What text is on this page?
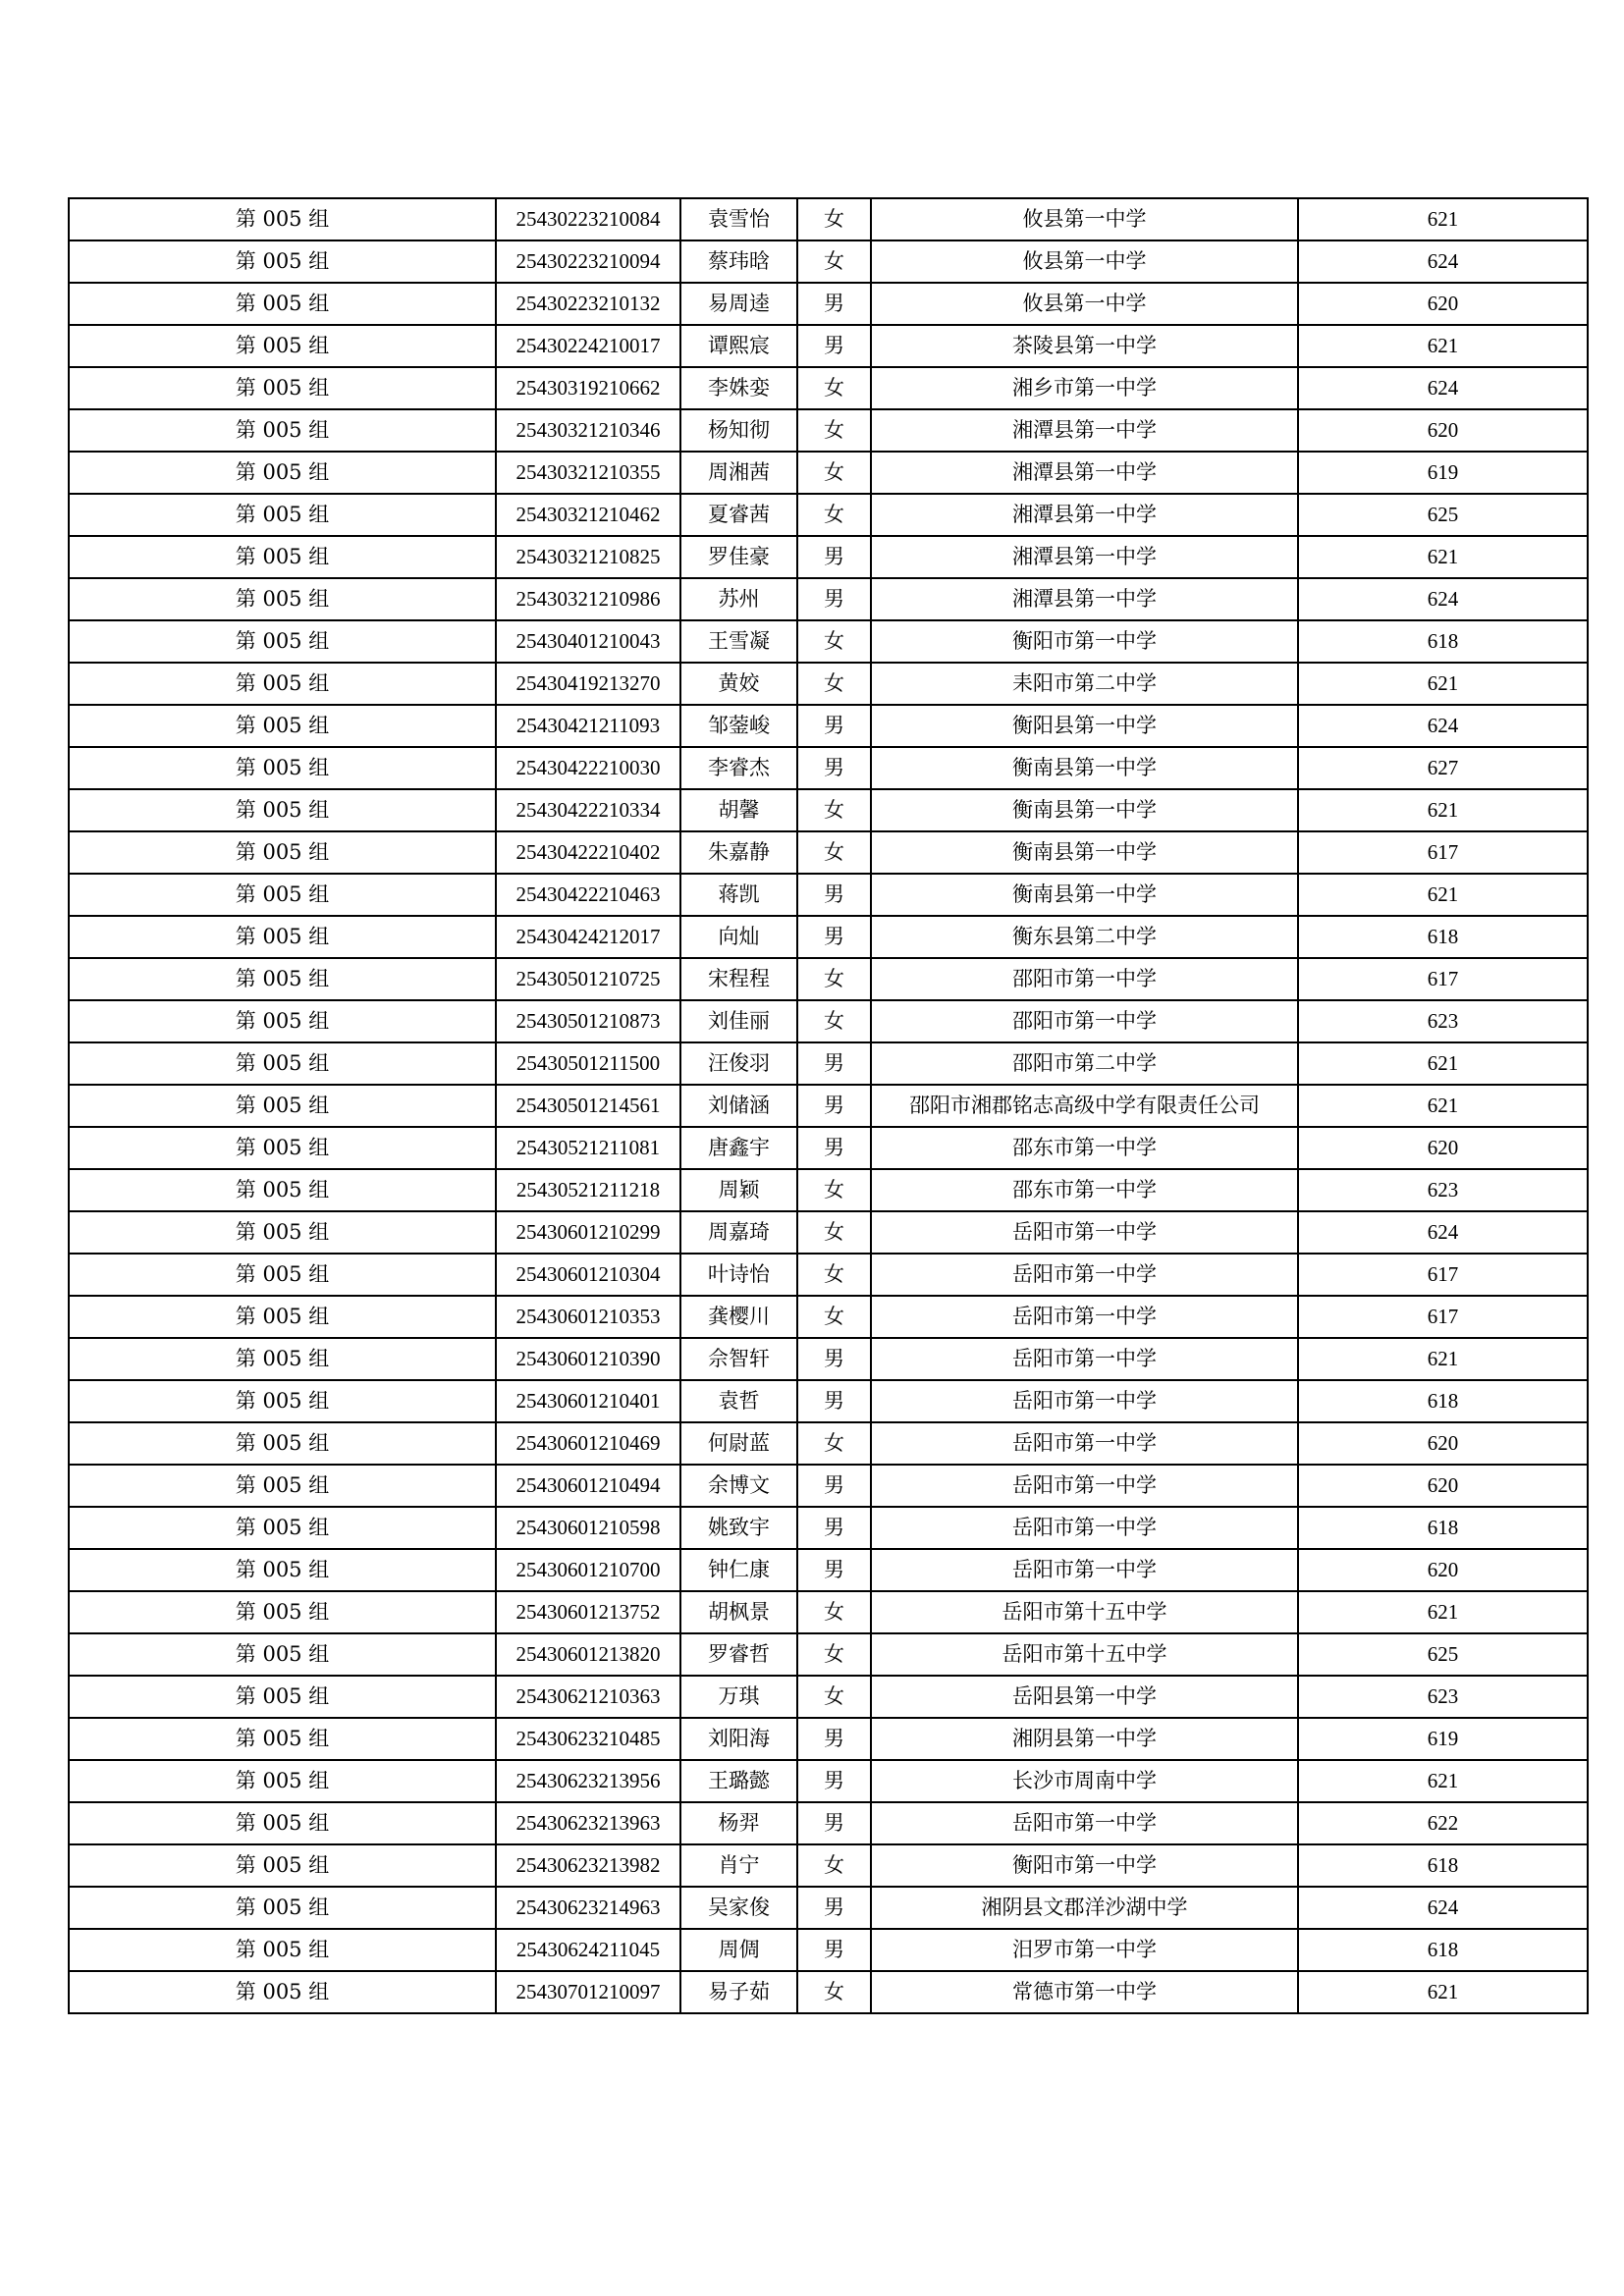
第 005 组	25430223210084	袁雪怡	女	攸县第一中学	621
第 005 组	25430223210094	蔡玮晗	女	攸县第一中学	624
第 005 组	25430223210132	易周逵	男	攸县第一中学	620
第 005 组	25430224210017	谭熙宸	男	茶陵县第一中学	621
第 005 组	25430319210662	李姝娈	女	湘乡市第一中学	624
第 005 组	25430321210346	杨知彻	女	湘潭县第一中学	620
第 005 组	25430321210355	周湘茜	女	湘潭县第一中学	619
第 005 组	25430321210462	夏睿茜	女	湘潭县第一中学	625
第 005 组	25430321210825	罗佳豪	男	湘潭县第一中学	621
第 005 组	25430321210986	苏州	男	湘潭县第一中学	624
第 005 组	25430401210043	王雪凝	女	衡阳市第一中学	618
第 005 组	25430419213270	黄姣	女	耒阳市第二中学	621
第 005 组	25430421211093	邹蓥峻	男	衡阳县第一中学	624
第 005 组	25430422210030	李睿杰	男	衡南县第一中学	627
第 005 组	25430422210334	胡馨	女	衡南县第一中学	621
第 005 组	25430422210402	朱嘉静	女	衡南县第一中学	617
第 005 组	25430422210463	蒋凯	男	衡南县第一中学	621
第 005 组	25430424212017	向灿	男	衡东县第二中学	618
第 005 组	25430501210725	宋程程	女	邵阳市第一中学	617
第 005 组	25430501210873	刘佳丽	女	邵阳市第一中学	623
第 005 组	25430501211500	汪俊羽	男	邵阳市第二中学	621
第 005 组	25430501214561	刘储涵	男	邵阳市湘郡铭志高级中学有限责任公司	621
第 005 组	25430521211081	唐鑫宇	男	邵东市第一中学	620
第 005 组	25430521211218	周颖	女	邵东市第一中学	623
第 005 组	25430601210299	周嘉琦	女	岳阳市第一中学	624
第 005 组	25430601210304	叶诗怡	女	岳阳市第一中学	617
第 005 组	25430601210353	龚樱川	女	岳阳市第一中学	617
第 005 组	25430601210390	佘智轩	男	岳阳市第一中学	621
第 005 组	25430601210401	袁哲	男	岳阳市第一中学	618
第 005 组	25430601210469	何尉蓝	女	岳阳市第一中学	620
第 005 组	25430601210494	余博文	男	岳阳市第一中学	620
第 005 组	25430601210598	姚致宇	男	岳阳市第一中学	618
第 005 组	25430601210700	钟仁康	男	岳阳市第一中学	620
第 005 组	25430601213752	胡枫景	女	岳阳市第十五中学	621
第 005 组	25430601213820	罗睿哲	女	岳阳市第十五中学	625
第 005 组	25430621210363	万琪	女	岳阳县第一中学	623
第 005 组	25430623210485	刘阳海	男	湘阴县第一中学	619
第 005 组	25430623213956	王璐懿	男	长沙市周南中学	621
第 005 组	25430623213963	杨羿	男	岳阳市第一中学	622
第 005 组	25430623213982	肖宁	女	衡阳市第一中学	618
第 005 组	25430623214963	吴家俊	男	湘阴县文郡洋沙湖中学	624
第 005 组	25430624211045	周倜	男	汨罗市第一中学	618
第 005 组	25430701210097	易子茹	女	常德市第一中学	621
